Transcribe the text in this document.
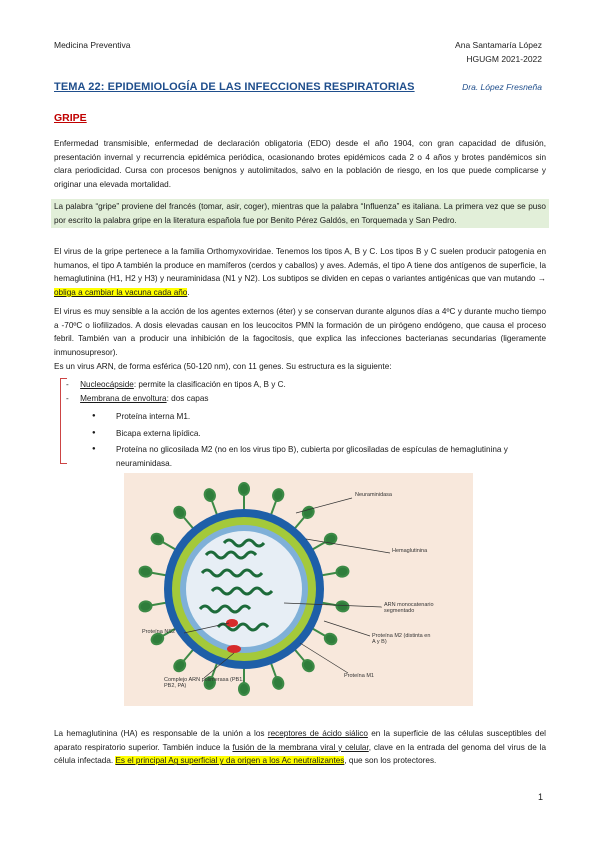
Medicina Preventiva	Ana Santamaría López
HGUGM 2021-2022
TEMA 22: EPIDEMIOLOGÍA DE LAS INFECCIONES RESPIRATORIAS	Dra. López Fresneña
GRIPE
Enfermedad transmisible, enfermedad de declaración obligatoria (EDO) desde el año 1904, con gran capacidad de difusión, presentación invernal y recurrencia epidémica periódica, ocasionando brotes epidémicos cada 2 o 4 años y brotes pandémicos sin clara periodicidad. Cursa con procesos benignos y autolimitados, salvo en la población de riesgo, en los que puede complicarse y originar una elevada mortalidad.
La palabra “gripe” proviene del francés (tomar, asir, coger), mientras que la palabra “Influenza” es italiana. La primera vez que se puso por escrito la palabra gripe en la literatura española fue por Benito Pérez Galdós, en Torquemada y San Pedro.
El virus de la gripe pertenece a la familia Orthomyxoviridae. Tenemos los tipos A, B y C. Los tipos B y C suelen producir patogenia en humanos, el tipo A también la produce en mamíferos (cerdos y caballos) y aves. Además, el tipo A tiene dos antígenos de superficie, la hemaglutinina (H1, H2 y H3) y neuraminidasa (N1 y N2). Los subtipos se dividen en cepas o variantes antigénicas que van mutando → obliga a cambiar la vacuna cada año.
El virus es muy sensible a la acción de los agentes externos (éter) y se conservan durante algunos días a 4ºC y durante mucho tiempo a -70ºC o liofilizados. A dosis elevadas causan en los leucocitos PMN la formación de un pirógeno endógeno, que causa el proceso febril. También van a producir una inhibición de la fagocitosis, que explica las infecciones bacterianas secundarias (ligeramente inmunosupresor).
Es un virus ARN, de forma esférica (50-120 nm), con 11 genes. Su estructura es la siguiente:
-     Nucleocápside: permite la clasificación en tipos A, B y C.
-     Membrana de envoltura: dos capas
● Proteína interna M1.
● Bicapa externa lipídica.
● Proteína no glicosilada M2 (no en los virus tipo B), cubierta por glicosiladas de espículas de hemaglutinina y neuraminidasa.
Neuraminidasa
Hemaglutinina
ARN monocatenario segmentado
Proteína NS2
Proteína M2 (distinta en A y B)
Complejo ARN polimerasa (PB1, PB2, PA)
Proteína M1
La hemaglutinina (HA) es responsable de la unión a los receptores de ácido siálico en la superficie de las células susceptibles del aparato respiratorio superior. También induce la fusión de la membrana viral y celular, clave en la entrada del genoma del virus de la célula infectada. Es el principal Ag superficial y da origen a los Ac neutralizantes, que son los protectores.
1
